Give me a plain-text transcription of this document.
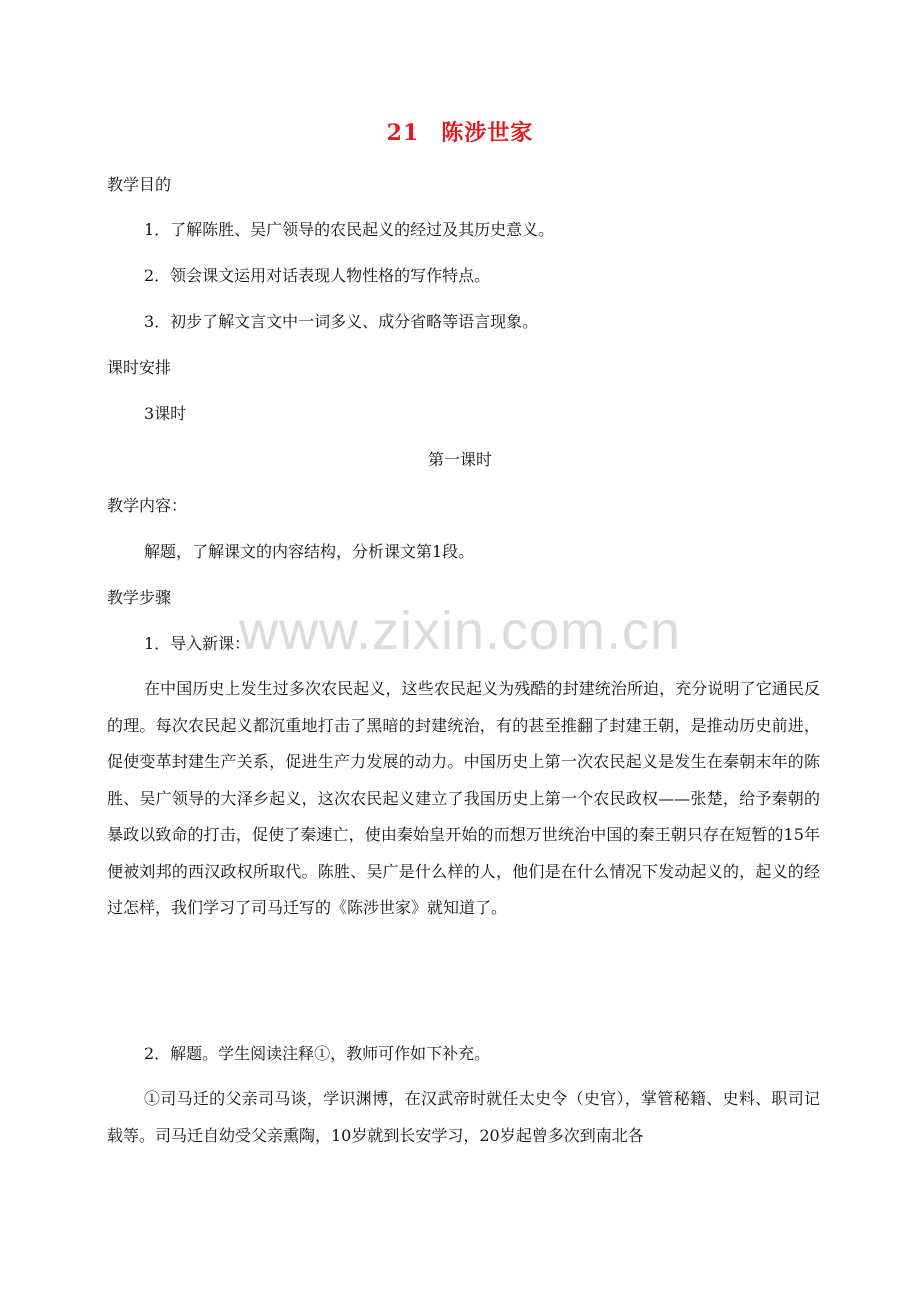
21 陈涉世家
教学目的
1．了解陈胜、吴广领导的农民起义的经过及其历史意义。
2．领会课文运用对话表现人物性格的写作特点。
3．初步了解文言文中一词多义、成分省略等语言现象。
课时安排
3课时
第一课时
教学内容：
解题，了解课文的内容结构，分析课文第1段。
教学步骤
1．导入新课：
在中国历史上发生过多次农民起义，这些农民起义为残酷的封建统治所迫，充分说明了它通民反的理。每次农民起义都沉重地打击了黑暗的封建统治，有的甚至推翻了封建王朝，是推动历史前进，促使变革封建生产关系，促进生产力发展的动力。中国历史上第一次农民起义是发生在秦朝末年的陈胜、吴广领导的大泽乡起义，这次农民起义建立了我国历史上第一个农民政权——张楚，给予秦朝的暴政以致命的打击，促使了秦速亡，使由秦始皇开始的而想万世统治中国的秦王朝只存在短暂的15年便被刘邦的西汉政权所取代。陈胜、吴广是什么样的人，他们是在什么情况下发动起义的，起义的经过怎样，我们学习了司马迁写的《陈涉世家》就知道了。
2．解题。学生阅读注释①，教师可作如下补充。
①司马迁的父亲司马谈，学识渊博，在汉武帝时就任太史令（史官），掌管秘籍、史料、职司记载等。司马迁自幼受父亲熏陶，10岁就到长安学习，20岁起曾多次到南北各
www.zixin.com.cn
